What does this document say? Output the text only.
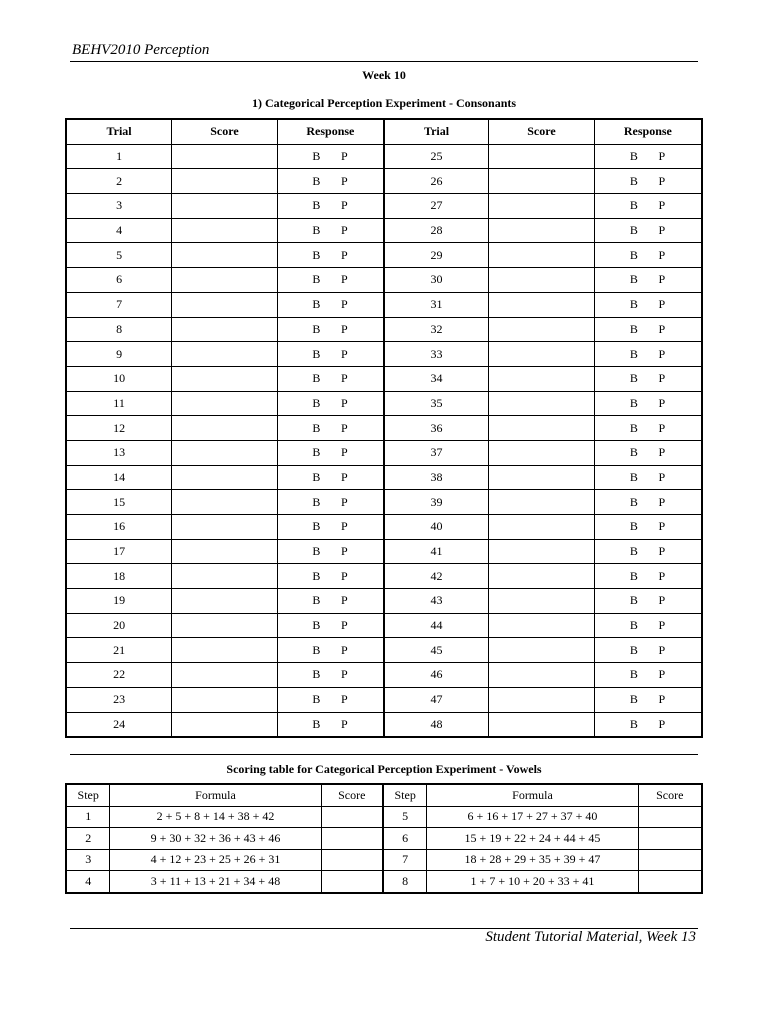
BEHV2010 Perception
Week 10
1) Categorical Perception Experiment - Consonants
Trial	Score	Response	Trial	Score	Response
1		B P	25		B P
2		B P	26		B P
3		B P	27		B P
4		B P	28		B P
5		B P	29		B P
6		B P	30		B P
7		B P	31		B P
8		B P	32		B P
9		B P	33		B P
10		B P	34		B P
11		B P	35		B P
12		B P	36		B P
13		B P	37		B P
14		B P	38		B P
15		B P	39		B P
16		B P	40		B P
17		B P	41		B P
18		B P	42		B P
19		B P	43		B P
20		B P	44		B P
21		B P	45		B P
22		B P	46		B P
23		B P	47		B P
24		B P	48		B P
Scoring table for Categorical Perception Experiment - Vowels
Step	Formula	Score	Step	Formula	Score
1	2 + 5 + 8 + 14 + 38 + 42		5	6 + 16 + 17 + 27 + 37 + 40	
2	9 + 30 + 32 + 36 + 43 + 46		6	15 + 19 + 22 + 24 + 44 + 45	
3	4 + 12 + 23 + 25 + 26 + 31		7	18 + 28 + 29 + 35 + 39 + 47	
4	3 + 11 + 13 + 21 + 34 + 48		8	1 + 7 + 10 + 20 + 33 + 41	
Student Tutorial Material, Week 13
